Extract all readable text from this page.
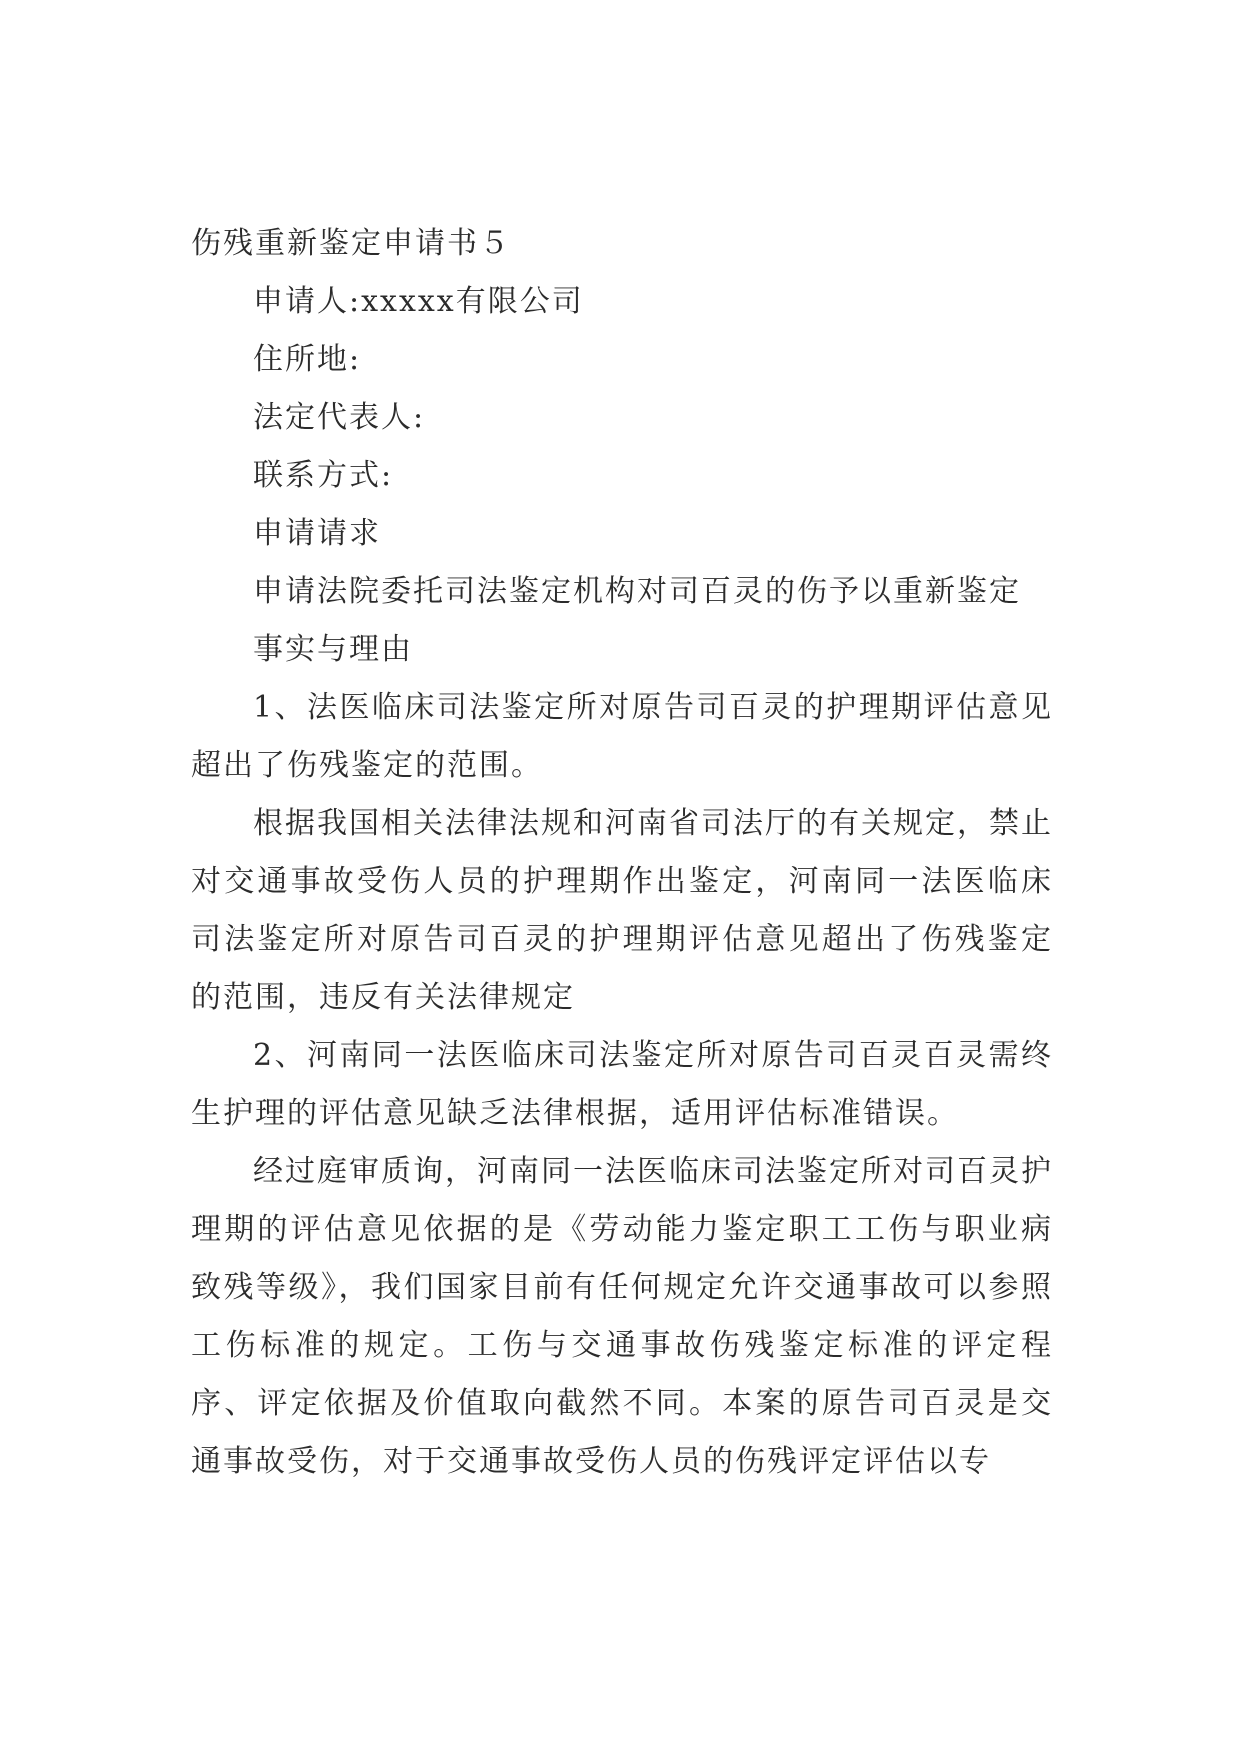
伤残重新鉴定申请书５

申请人:xxxxx有限公司

住所地:

法定代表人:

联系方式:

申请请求

申请法院委托司法鉴定机构对司百灵的伤予以重新鉴定

事实与理由

1、法医临床司法鉴定所对原告司百灵的护理期评估意见超出了伤残鉴定的范围。

根据我国相关法律法规和河南省司法厅的有关规定，禁止对交通事故受伤人员的护理期作出鉴定，河南同一法医临床司法鉴定所对原告司百灵的护理期评估意见超出了伤残鉴定的范围，违反有关法律规定

2、河南同一法医临床司法鉴定所对原告司百灵百灵需终生护理的评估意见缺乏法律根据，适用评估标准错误。

经过庭审质询，河南同一法医临床司法鉴定所对司百灵护理期的评估意见依据的是《劳动能力鉴定职工工伤与职业病致残等级》，我们国家目前有任何规定允许交通事故可以参照工伤标准的规定。工伤与交通事故伤残鉴定标准的评定程序、评定依据及价值取向截然不同。本案的原告司百灵是交通事故受伤，对于交通事故受伤人员的伤残评定评估以专
